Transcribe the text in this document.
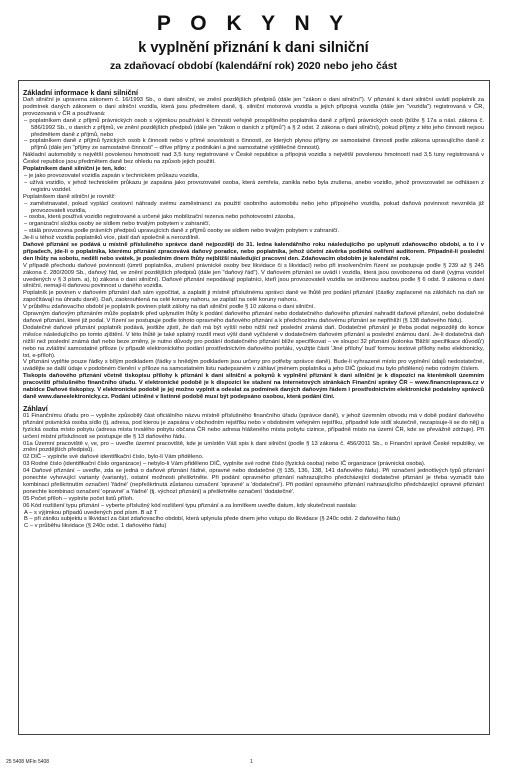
P O K Y N Y
k vyplnění přiznání k dani silniční
za zdaňovací období (kalendářní rok) 2020 nebo jeho část

Základní informace k dani silniční

Daň silniční je upravena zákonem č. 16/1993 Sb., o dani silniční, ve znění pozdějších předpisů (dále jen "zákon o dani silniční"). V přiznání k dani silniční uvádí poplatník za podmínek daných zákonem o dani silniční vozidla, která jsou předmětem daně, tj. silniční motorová vozidla a jejich přípojná vozidla (dále jen "vozidla") registrovaná v ČR, provozovaná v ČR a používaná:

– poplatníkem daně z příjmů právnických osob s výjimkou používání k činnosti veřejně prospěšného poplatníka daně z příjmů právnických osob (blíže § 17a a násl. zákona č. 586/1992 Sb., o daních z příjmů, ve znění pozdějších předpisů (dále jen "zákon o daních z příjmů") a § 2 odst. 2 zákona o dani silniční), pokud příjmy z této jeho činnosti nejsou předmětem daně z příjmů, nebo

– poplatníkem daně z příjmů fyzických osob k činnosti nebo v přímé souvislosti s činností, ze kterých plynou příjmy ze samostatné činnosti podle zákona upravujícího daně z příjmů (dále jen "příjmy ze samostatné činnosti" – dříve příjmy z podnikání a jiné samostatné výdělečné činnosti).

Nákladní automobily s největší povolenou hmotností nad 3,5 tuny registrované v České republice a přípojná vozidla s největší povolenou hmotností nad 3,5 tuny registrovaná v České republice jsou předmětem daně bez ohledu na způsob jejich použití.

Poplatníkem daně silniční je ten, kdo:

– je jako provozovatel vozidla zapsán v technickém průkazu vozidla,

– užívá vozidlo, v jehož technickém průkazu je zapsána jako provozovatel osoba, která zemřela, zanikla nebo byla zrušena, anebo vozidlo, jehož provozovatel se odhlásen z registru vozidel.

Poplatníkem daně silniční je rovněž:

– zaměstnavatel, pokud vyplácí cestovní náhrady svému zaměstnanci za použití osobního automobilu nebo jeho přípojného vozidla, pokud daňová povinnost nevznikla již provozovateli vozidla,

– osoba, která používá vozidlo registrované a určené jako mobilizační rezerva nebo pohotovostní zásoba,

– organizační složka osoby se sídlem nebo trvalým pobytem v zahraničí,

– stálá provozovna podle právních předpisů upravujících daně z příjmů osoby se sídlem nebo trvalým pobytem v zahraničí.

Je-li u téhož vozidla poplatníků více, platí daň společně a nerozdílně.

Daňové přiznání se podává u místně příslušného správce daně nejpozději do 31. ledna kalendářního roku následujícího po uplynutí zdaňovacího období, a to i v případech, jde-li o poplatníka, kterému přiznání zpracovává daňový poradce, nebo poplatníka, jehož účetní závěrka podléhá ověření auditorem. Případně-li poslední den lhůty na sobotu, neděli nebo svátek, je posledním dnem lhůty nejbližší následující pracovní den. Zdaňovacím obdobím je kalendářní rok.

V případě přechodu daňové povinnosti (úmrtí poplatníka, zrušení právnické osoby bez likvidace či s likvidací) nebo při insolvenčním řízení se postupuje podle § 239 až § 245 zákona č. 280/2009 Sb., daňový řád, ve znění pozdějších předpisů (dále jen "daňový řád"). V daňovém přiznání se uvádí i vozidla, která jsou osvobozena od daně (vyjma vozidel uvedených v § 3 písm. a), b) zákona o dani silniční). Daňové přiznání nepodávají poplatníci, kteří jsou provozovateli vozidla se sníženou sazbou podle § 6 odst. 9 zákona o dani silniční, nemají-li daňovou povinnost u daného vozidla.

Poplatník je povinen v daňovém přiznání daň sám vypočítat, a zaplatit ji místně příslušnému správci daně ve lhůtě pro podání přiznání (částky zaplacené na zálohách na daň se započítávají na úhradu daně). Daň, zaokrouhlená na celé koruny nahoru, se zaplatí na celé koruny nahoru.

V průběhu zdaňovacího období je poplatník povinen platit zálohy na daň silniční podle § 10 zákona o dani silniční.

Opravným daňovým přiznáním může poplatník před uplynutím lhůty k podání daňového přiznání nebo dodatečného daňového přiznání nahradit daňové přiznání, nebo dodatečné daňové přiznání, které již podal. V řízení se postupuje podle tohoto opravného daňového přiznání a k předchozímu daňovému přiznání se nepřihlíží (§ 138 daňového řádu).

Dodatečné daňové přiznání poplatník podává, jestliže zjistí, že daň má být vyšší nebo nižší než poslední známá daň. Dodatečné přiznání je třeba podat nejpozději do konce měsíce následujícího po tomto zjištění. V této lhůtě je také splatný rozdíl mezi výší daně vyčíslené v dodatečném daňovém přiznání a poslední známou daní. Je-li dodatečná daň nižší než poslední známá daň nebo beze změny, je nutno důvody pro podání dodatečného přiznání blíže specifikovat – ve sloupci 32 přiznání (kolonka 'Bližší specifikace důvodů') nebo na zvláštní samostatné příloze (v případě elektronického podání prostřednictvím daňového portálu, využijte části 'Jiné přílohy' bud' formou textové přílohy nebo elektronicky, txt, e-příloh).

V přiznání vyplňte pouze řádky s bílým podkladem (řádky s hnědým podkladem jsou určeny pro potřeby správce daně). Bude-li vyhrazené místo pro vyplnění údajů nedostatečné, uvádějte se další údaje v podobném členění v příloze na samostatném listu nadepsaném v záhlaví jménem poplatníka a jeho DIČ (pokud mu bylo přiděleno) nebo rodným číslem.

Tiskopis daňového přiznání včetně tiskopisu přílohy k přiznání k dani silniční a pokynů k vyplnění přiznání k dani silniční je k dispozici na kterémkoli územním pracovišti příslušného finančního úřadu. V elektronické podobě je k dispozici ke stažení na internetových stránkách Finanční správy ČR – www.financnisprava.cz v nabídce Daňové tiskopisy. V elektronické podobě je jej možno vyplnit a odeslat za podmínek daných daňovým řádem i prostřednictvím elektronické podatelny správců daně www.daneelektronicky.cz. Podání učiněné v listinné podobě musí být podepsáno osobou, která podání činí.

Záhlaví

01 Finančnímu úřadu pro – vyplníte způsobilý část oficiálního názvu místně příslušného finančního úřadu (správce daně), v jehož územním obvodu má v době podání daňového přiznání právnická osoba sídlo (tj. adresa, pod kterou je zapsána v obchodním rejstříku nebo v obdobném veřejném rejstříku, případně kde sídlí skutečně, nezapisuje-li se do něj) a fyzická osoba místo pobytu (adresa místa trvalého pobytu občana ČR nebo adresa hlášeného místa pobytu cizince, případně místo na území ČR, kde se převážně zdržuje). Při určení místní příslušnosti se postupuje dle § 13 daňového řádu.

01a Územní pracoviště v, ve, pro – uveďte územní pracoviště, kde je umístěn Váš spis k dani silniční (podle § 13 zákona č. 456/2011 Sb., o Finanční správě České republiky, ve znění pozdějších předpisů).

02 DIČ – vyplníte své daňové identifikační číslo, bylo-li Vám přiděleno.

03 Rodné číslo (identifikační číslo organizace) – nebylo-li Vám přiděleno DIČ, vyplníte své rodné číslo (fyzická osoba) nebo IČ organizace (právnická osoba).

04 Daňové přiznání – uveďte, zda se jedná o daňové přiznání řádné, opravné nebo dodatečné (§ 135, 136, 138, 141 daňového řádu). Při označení jednotlivých typů přiznání ponechte vyhovující varianty (varianty), ostatní možnosti přeškrtněte. Při podání opravného přiznání nahrazujícího předcházející dodatečné přiznání je třeba vyznačit tuto kombinaci přeškrtnutím označení 'řádné' (nepřeškrtnutá zůstanou označení 'opravné' a 'dodatečné'). Při podání opravného přiznání nahrazujícího předcházející opravné přiznání ponechte kombinaci označení 'opravné' a 'řádné' (tj. výchozí přiznání) a přeškrtněte označení 'dodatečné'.

05 Počet příloh – vyplníte počet listů příloh.

06 Kód rozlišení typu přiznání – vyberte příslušný kód rozlišení typu přiznání a za lomítkem uveďte datum, kdy skutečnost nastala:

A – s výjimkou případů uvedených pod písm. B až T

B – při zániku subjektu s likvidací za část zdaňovacího období, která uplynula přede dnem jeho vstupu do likvidace (§ 240c odst. 2 daňového řádu)

C – v průběhu likvidace (§ 240c odst. 1 daňového řádu)

25 5408 MFin 5408	1
